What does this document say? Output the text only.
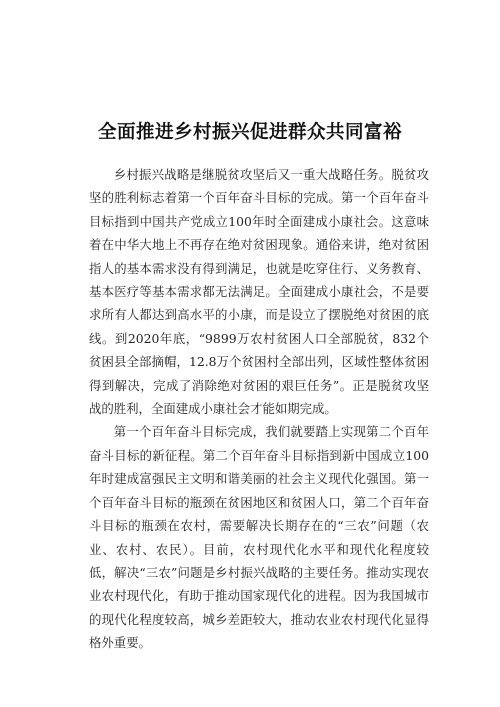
全面推进乡村振兴促进群众共同富裕

乡村振兴战略是继脱贫攻坚后又一重大战略任务。脱贫攻坚的胜利标志着第一个百年奋斗目标的完成。第一个百年奋斗目标指到中国共产党成立100年时全面建成小康社会。这意味着在中华大地上不再存在绝对贫困现象。通俗来讲，绝对贫困指人的基本需求没有得到满足，也就是吃穿住行、义务教育、基本医疗等基本需求都无法满足。全面建成小康社会，不是要求所有人都达到高水平的小康，而是设立了摆脱绝对贫困的底线。到2020年底，“9899万农村贫困人口全部脱贫，832个贫困县全部摘帽，12.8万个贫困村全部出列，区域性整体贫困得到解决，完成了消除绝对贫困的艰巨任务”。正是脱贫攻坚战的胜利，全面建成小康社会才能如期完成。

第一个百年奋斗目标完成，我们就要踏上实现第二个百年奋斗目标的新征程。第二个百年奋斗目标指到新中国成立100年时建成富强民主文明和谐美丽的社会主义现代化强国。第一个百年奋斗目标的瓶颈在贫困地区和贫困人口，第二个百年奋斗目标的瓶颈在农村，需要解决长期存在的“三农”问题（农业、农村、农民）。目前，农村现代化水平和现代化程度较低，解决“三农”问题是乡村振兴战略的主要任务。推动实现农业农村现代化，有助于推动国家现代化的进程。因为我国城市的现代化程度较高，城乡差距较大，推动农业农村现代化显得格外重要。
